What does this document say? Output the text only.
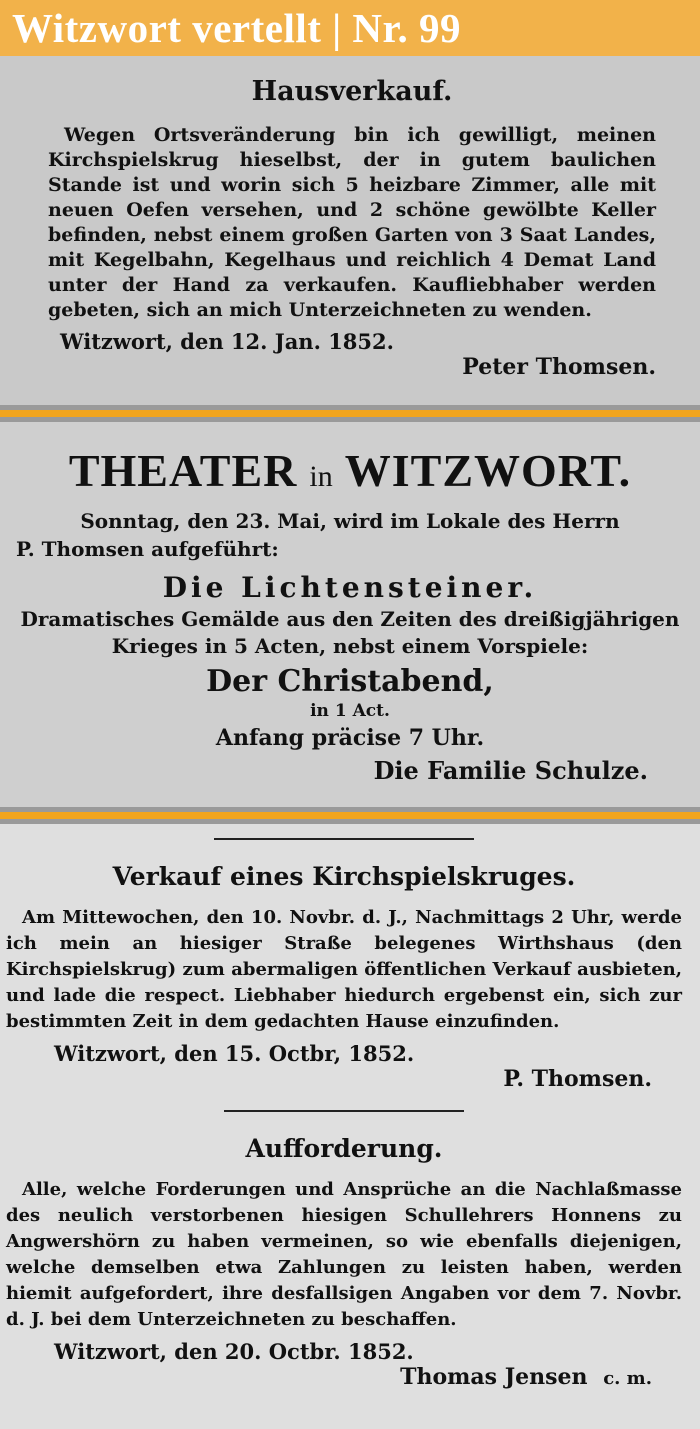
Witzwort vertellt | Nr. 99
Hausverkauf.
Wegen Ortsveränderung bin ich gewilligt, meinen Kirchspielskrug hieselbst, der in gutem baulichen Stande ist und worin sich 5 heizbare Zimmer, alle mit neuen Oefen versehen, und 2 schöne gewölbte Keller befinden, nebst einem großen Garten von 3 Saat Landes, mit Kegelbahn, Kegelhaus und reichlich 4 Demat Land unter der Hand za verkaufen. Kaufliebhaber werden gebeten, sich an mich Unterzeichneten zu wenden.
Witzwort, den 12. Jan. 1852.
Peter Thomsen.
THEATER in WITZWORT.
Sonntag, den 23. Mai, wird im Lokale des Herrn
P. Thomsen aufgeführt:
Die Lichtensteiner.
Dramatisches Gemälde aus den Zeiten des dreißigjährigen
Krieges in 5 Acten, nebst einem Vorspiele:
Der Christabend,
in 1 Act.
Anfang präcise 7 Uhr.
Die Familie Schulze.
Verkauf eines Kirchspielskruges.
Am Mittewochen, den 10. Novbr. d. J., Nachmittags 2 Uhr, werde ich mein an hiesiger Straße belegenes Wirthshaus (den Kirchspielskrug) zum abermaligen öffentlichen Verkauf ausbieten, und lade die respect. Liebhaber hiedurch ergebenst ein, sich zur bestimmten Zeit in dem gedachten Hause einzufinden.
Witzwort, den 15. Octbr, 1852.
P. Thomsen.
Aufforderung.
Alle, welche Forderungen und Ansprüche an die Nachlaßmasse des neulich verstorbenen hiesigen Schullehrers Honnens zu Angwershörn zu haben vermeinen, so wie ebenfalls diejenigen, welche demselben etwa Zahlungen zu leisten haben, werden hiemit aufgefordert, ihre desfallsigen Angaben vor dem 7. Novbr. d. J. bei dem Unterzeichneten zu beschaffen.
Witzwort, den 20. Octbr. 1852.
Thomas Jensen c. m.
